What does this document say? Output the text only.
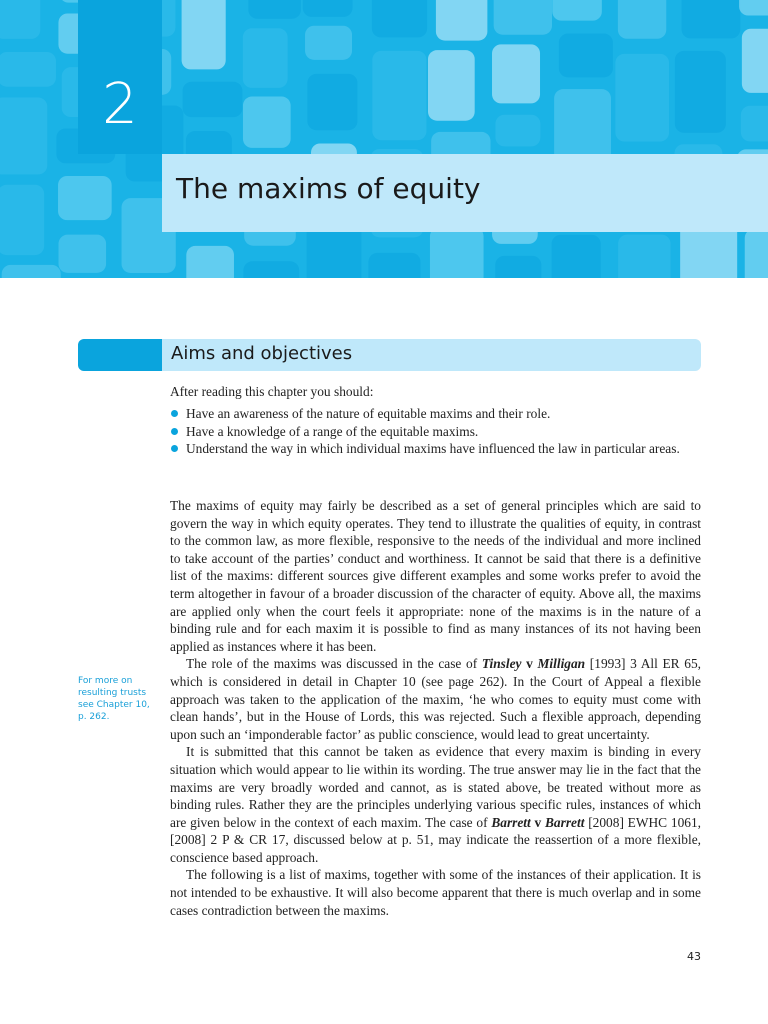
2
The maxims of equity
Aims and objectives
After reading this chapter you should:
Have an awareness of the nature of equitable maxims and their role.
Have a knowledge of a range of the equitable maxims.
Understand the way in which individual maxims have influenced the law in particular areas.

The maxims of equity may fairly be described as a set of general principles which are said to govern the way in which equity operates. They tend to illustrate the qualities of equity, in contrast to the common law, as more flexible, responsive to the needs of the individual and more inclined to take account of the parties’ conduct and worthiness. It cannot be said that there is a definitive list of the maxims: different sources give different examples and some works prefer to avoid the term altogether in favour of a broader discussion of the character of equity. Above all, the maxims are applied only when the court feels it appropriate: none of the maxims is in the nature of a binding rule and for each maxim it is possible to find as many instances of its not having been applied as instances where it has been.

The role of the maxims was discussed in the case of Tinsley v Milligan [1993] 3 All ER 65, which is considered in detail in Chapter 10 (see page 262). In the Court of Appeal a flexible approach was taken to the application of the maxim, ‘he who comes to equity must come with clean hands’, but in the House of Lords, this was rejected. Such a flexible approach, depending upon such an ‘imponderable factor’ as public conscience, would lead to great uncertainty.

It is submitted that this cannot be taken as evidence that every maxim is binding in every situation which would appear to lie within its wording. The true answer may lie in the fact that the maxims are very broadly worded and cannot, as is stated above, be treated without more as binding rules. Rather they are the principles underlying various specific rules, instances of which are given below in the context of each maxim. The case of Barrett v Barrett [2008] EWHC 1061, [2008] 2 P & CR 17, discussed below at p. 51, may indicate the reassertion of a more flexible, conscience based approach.

The following is a list of maxims, together with some of the instances of their application. It is not intended to be exhaustive. It will also become apparent that there is much overlap and in some cases contradiction between the maxims.

For more on resulting trusts see Chapter 10, p. 262.
43
